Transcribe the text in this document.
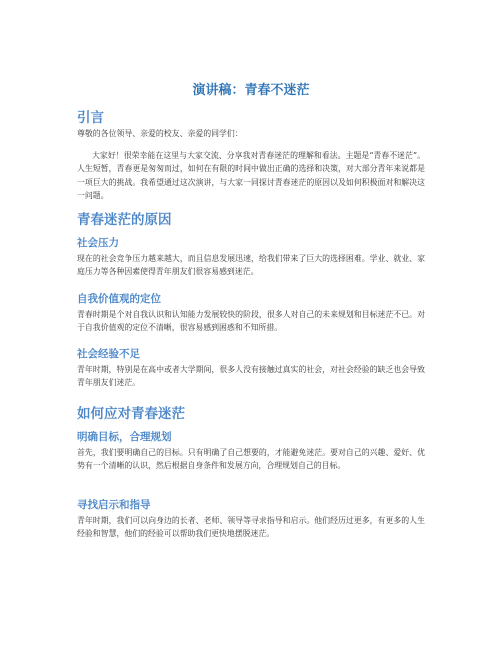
演讲稿：青春不迷茫
引言

尊敬的各位领导、亲爱的校友、亲爱的同学们：

大家好！很荣幸能在这里与大家交流、分享我对青春迷茫的理解和看法。主题是“青春不迷茫”。人生短暂，青春更是匆匆而过，如何在有限的时间中做出正确的选择和决策，对大部分青年来说都是一项巨大的挑战。我希望通过这次演讲，与大家一同探讨青春迷茫的原因以及如何积极面对和解决这一问题。

青春迷茫的原因
社会压力

现在的社会竞争压力越来越大，而且信息发展迅速，给我们带来了巨大的选择困难。学业、就业、家庭压力等各种因素使得青年朋友们很容易感到迷茫。

自我价值观的定位

青春时期是个对自我认识和认知能力发展较快的阶段，很多人对自己的未来规划和目标迷茫不已。对于自我价值观的定位不清晰，很容易感到困惑和不知所措。

社会经验不足

青年时期，特别是在高中或者大学期间，很多人没有接触过真实的社会，对社会经验的缺乏也会导致青年朋友们迷茫。

如何应对青春迷茫
明确目标，合理规划

首先，我们要明确自己的目标。只有明确了自己想要的，才能避免迷茫。要对自己的兴趣、爱好、优势有一个清晰的认识，然后根据自身条件和发展方向，合理规划自己的目标。

寻找启示和指导

青年时期，我们可以向身边的长者、老师、领导等寻求指导和启示。他们经历过更多，有更多的人生经验和智慧，他们的经验可以帮助我们更快地摆脱迷茫。
